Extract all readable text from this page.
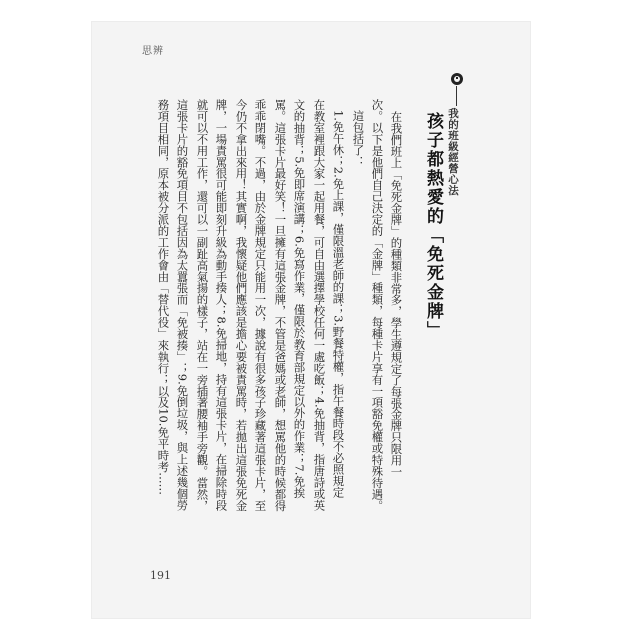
思辨
我的班級經營心法
孩子都熱愛的「免死金牌」
在我們班上「免死金牌」的種類非常多，學生遵規定了每張金牌只限用一
次。以下是他們自己決定的「金牌」種類，每種卡片享有一項豁免權或特殊待遇。
這包括了：
1.免午休；2.免上課，僅限溫老師的課；3.野餐特權，指午餐時段不必照規定
在教室裡跟大家一起用餐，可自由選擇學校任何一處吃飯；4.免抽背，指唐詩或英
文的抽背；5.免即席演講；6.免寫作業，僅限於教育部規定以外的作業；7.免挨
罵。這張卡片最好笑！一旦擁有這張金牌，不管是爸媽或老師，想罵他的時候都得
乖乖閉嘴。不過，由於金牌規定只能用一次，據說有很多孩子珍藏著這張卡片，至
今仍不拿出來用！其實啊，我懷疑他們應該是擔心要被責罵時，若拋出這張免死金
牌，一場責罵很可能即刻升級為動手揍人；8.免掃地，持有這張卡片，在掃除時段
就可以不用工作，還可以一副趾高氣揚的樣子，站在一旁插著腰袖手旁觀。當然，
這張卡片的豁免項目不包括因為太囂張而「免被揍」；9.免倒垃圾，與上述幾個勞
務項目相同，原本被分派的工作會由「替代役」來執行；以及10.免平時考……
191
